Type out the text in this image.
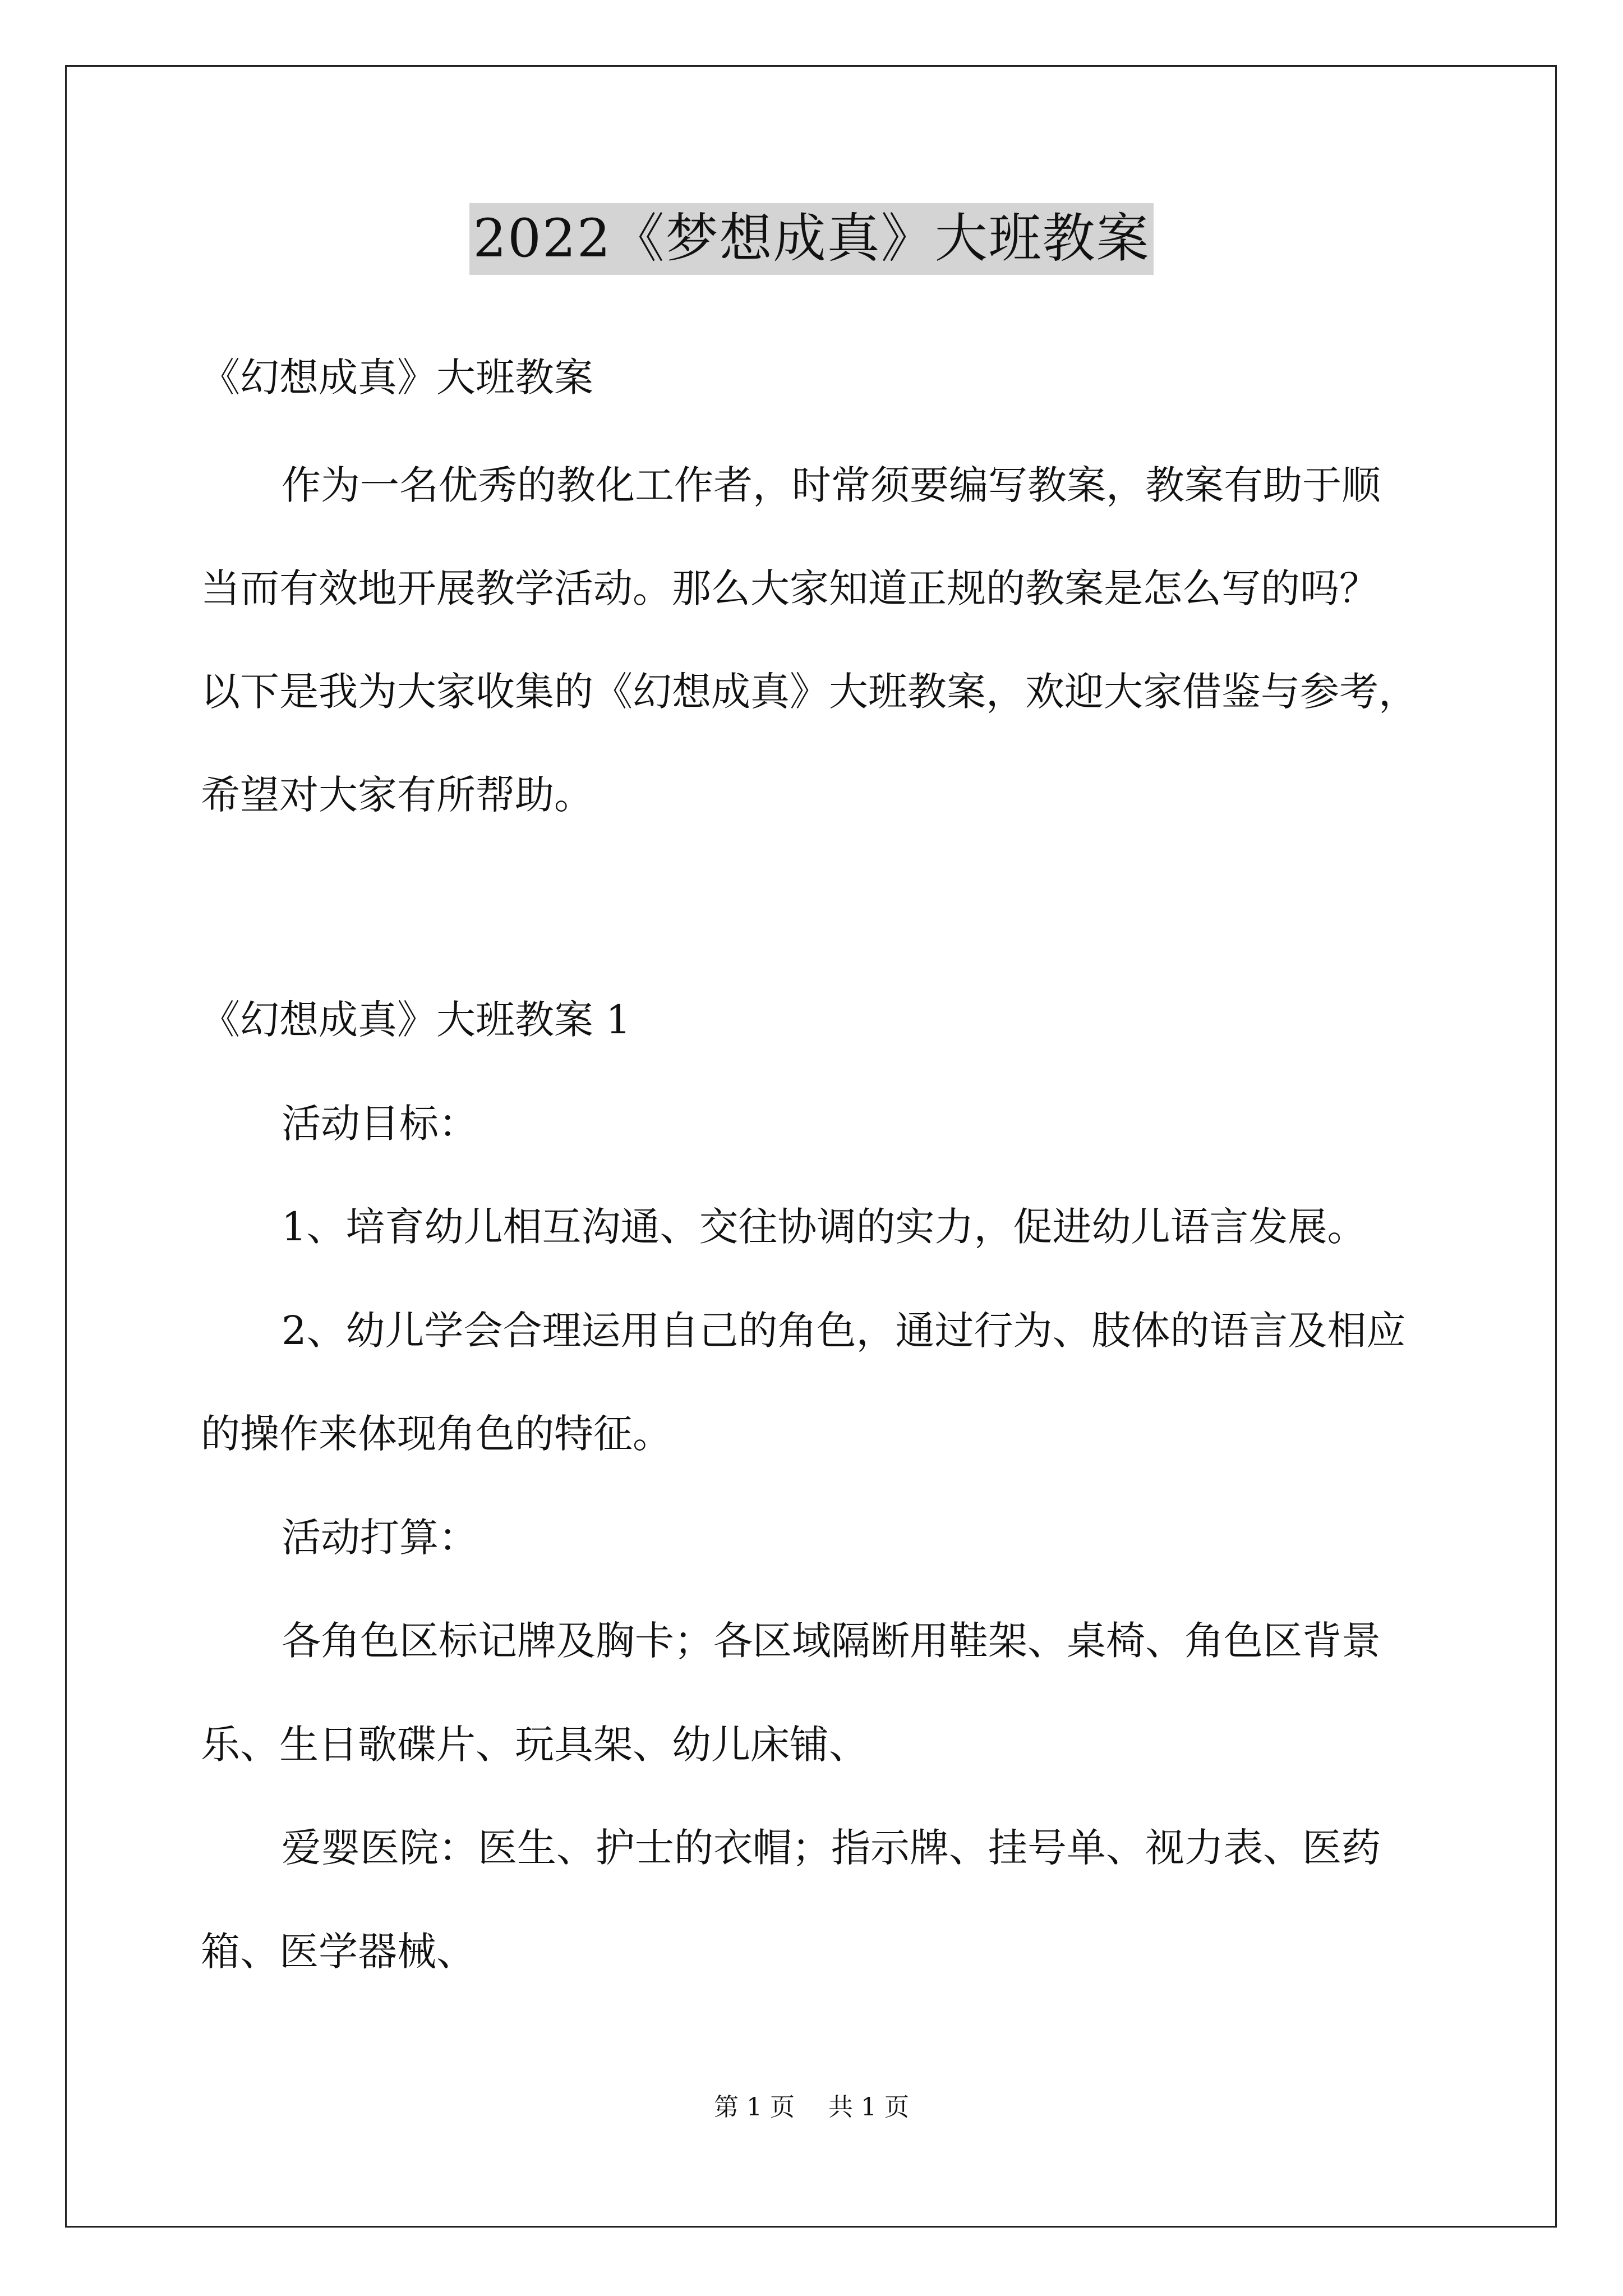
2022《梦想成真》大班教案
《幻想成真》大班教案
作为一名优秀的教化工作者，时常须要编写教案，教案有助于顺
当而有效地开展教学活动。那么大家知道正规的教案是怎么写的吗？
以下是我为大家收集的《幻想成真》大班教案，欢迎大家借鉴与参考，
希望对大家有所帮助。
《幻想成真》大班教案 1
活动目标：
1、培育幼儿相互沟通、交往协调的实力，促进幼儿语言发展。
2、幼儿学会合理运用自己的角色，通过行为、肢体的语言及相应
的操作来体现角色的特征。
活动打算：
各角色区标记牌及胸卡；各区域隔断用鞋架、桌椅、角色区背景
乐、生日歌碟片、玩具架、幼儿床铺、
爱婴医院：医生、护士的衣帽；指示牌、挂号单、视力表、医药
箱、医学器械、
第 1 页 共 1 页
